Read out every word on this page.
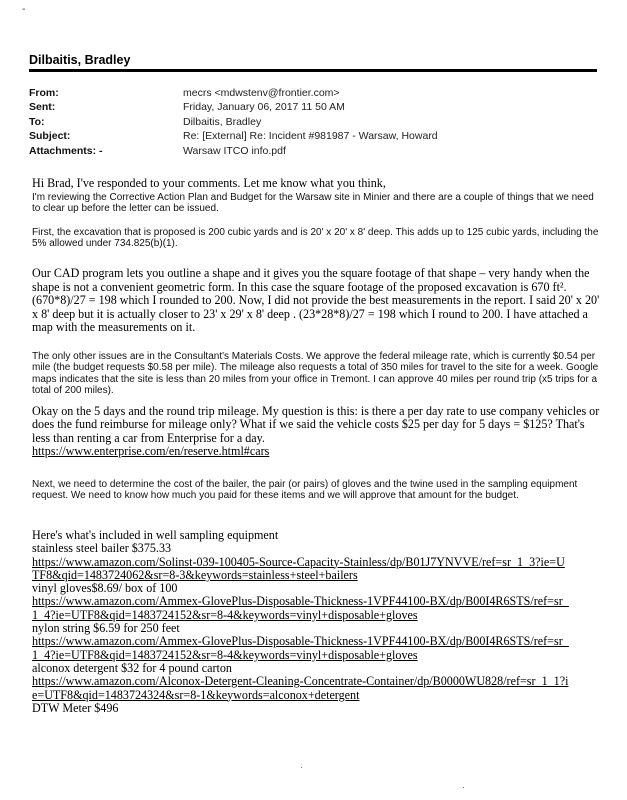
-
Dilbaitis, Bradley
From:	mecrs <mdwstenv@frontier.com>
Sent:	Friday, January 06, 2017 11 50 AM
To:	Dilbaitis, Bradley
Subject:	Re: [External] Re: Incident #981987 - Warsaw, Howard
Attachments: -	Warsaw ITCO info.pdf
Hi Brad, I've responded to your comments. Let me know what you think,
I'm reviewing the Corrective Action Plan and Budget for the Warsaw site in Minier and there are a couple of things that we need to clear up before the letter can be issued.
First, the excavation that is proposed is 200 cubic yards and is 20' x 20' x 8' deep. This adds up to 125 cubic yards, including the 5% allowed under 734.825(b)(1).
Our CAD program lets you outline a shape and it gives you the square footage of that shape – very handy when the shape is not a convenient geometric form. In this case the square footage of the proposed excavation is 670 ft². (670*8)/27 = 198 which I rounded to 200. Now, I did not provide the best measurements in the report. I said 20' x 20' x 8' deep but it is actually closer to 23' x 29' x 8' deep . (23*28*8)/27 = 198 which I round to 200. I have attached a map with the measurements on it.
The only other issues are in the Consultant's Materials Costs. We approve the federal mileage rate, which is currently $0.54 per mile (the budget requests $0.58 per mile). The mileage also requests a total of 350 miles for travel to the site for a week. Google maps indicates that the site is less than 20 miles from your office in Tremont. I can approve 40 miles per round trip (x5 trips for a total of 200 miles).

Okay on the 5 days and the round trip mileage. My question is this: is there a per day rate to use company vehicles or does the fund reimburse for mileage only? What if we said the vehicle costs $25 per day for 5 days = $125? That's less than renting a car from Enterprise for a day.

https://www.enterprise.com/en/reserve.html#cars
Next, we need to determine the cost of the bailer, the pair (or pairs) of gloves and the twine used in the sampling equipment request. We need to know how much you paid for these items and we will approve that amount for the budget.

Here's what's included in well sampling equipment

stainless steel bailer $375.33

https://www.amazon.com/Solinst-039-100405-Source-Capacity-Stainless/dp/B01J7YNVVE/ref=sr_1_3?ie=UTF8&qid=1483724062&sr=8-3&keywords=stainless+steel+bailers

vinyl gloves$8.69/ box of 100

https://www.amazon.com/Ammex-GlovePlus-Disposable-Thickness-1VPF44100-BX/dp/B00I4R6STS/ref=sr_1_4?ie=UTF8&qid=1483724152&sr=8-4&keywords=vinyl+disposable+gloves

nylon string $6.59 for 250 feet

https://www.amazon.com/Ammex-GlovePlus-Disposable-Thickness-1VPF44100-BX/dp/B00I4R6STS/ref=sr_1_4?ie=UTF8&qid=1483724152&sr=8-4&keywords=vinyl+disposable+gloves

alconox detergent $32 for 4 pound carton

https://www.amazon.com/Alconox-Detergent-Cleaning-Concentrate-Container/dp/B0000WU828/ref=sr_1_1?ie=UTF8&qid=1483724324&sr=8-1&keywords=alconox+detergent

DTW Meter $496

·
·
